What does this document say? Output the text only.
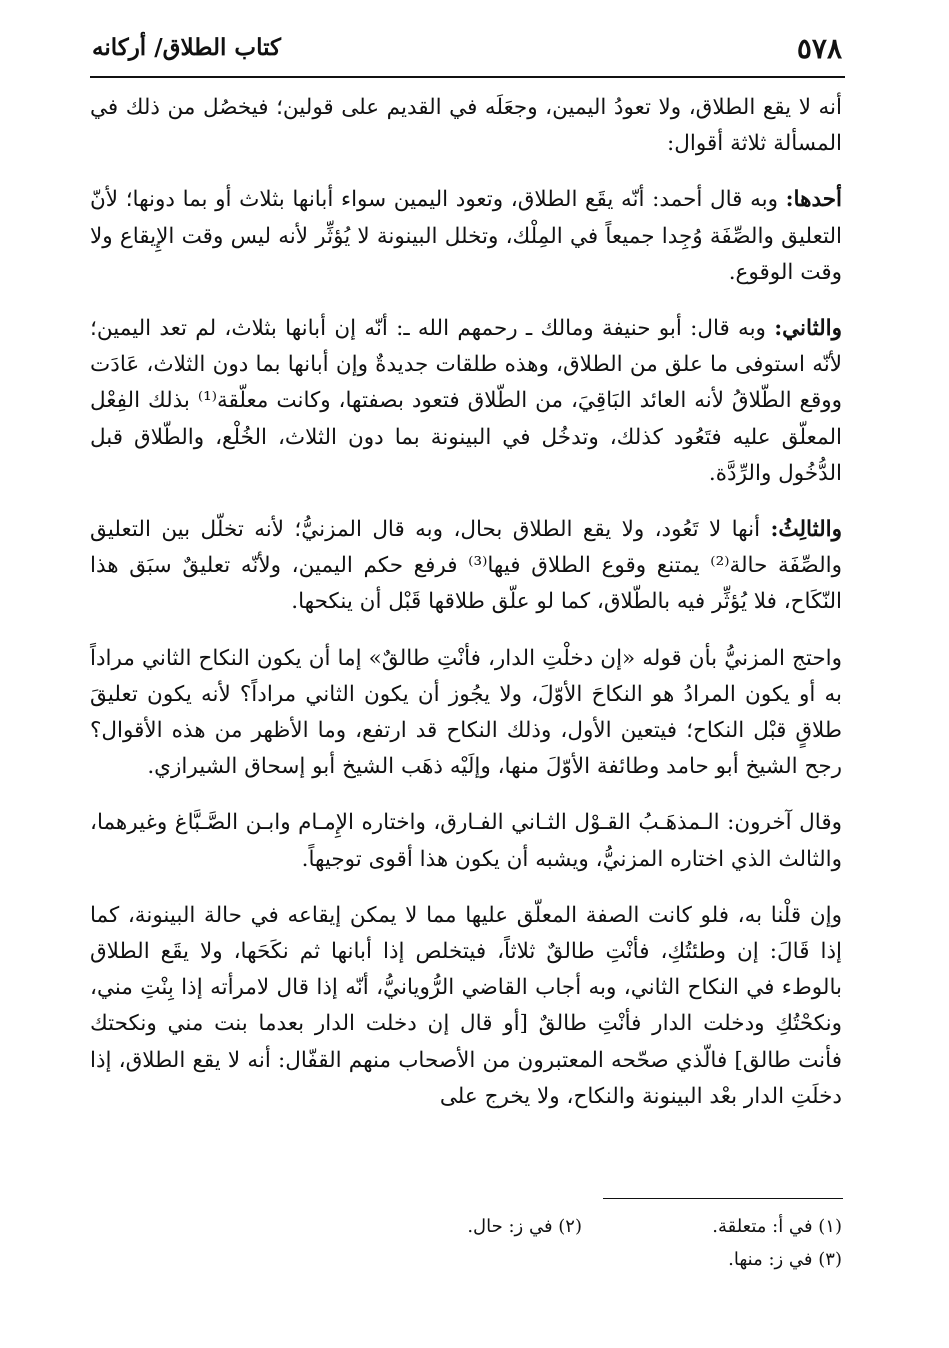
٥٧٨
كتاب الطلاق/ أركانه

أنه لا يقع الطلاق، ولا تعودُ اليمين، وجعَلَه في القديم على قولين؛ فيخصُل من ذلك في المسألة ثلاثة أقوال:

أحدها: وبه قال أحمد: أنّه يقَع الطلاق، وتعود اليمين سواء أبانها بثلاث أو بما دونها؛ لأنّ التعليق والصِّفَة وُجِدا جميعاً في المِلْك، وتخلل البينونة لا يُؤثِّر لأنه ليس وقت الإِيقاع ولا وقت الوقوع.

والثاني: وبه قال: أبو حنيفة ومالك ـ رحمهم الله ـ: أنّه إن أبانها بثلاث، لم تعد اليمين؛ لأنّه استوفى ما علق من الطلاق، وهذه طلقات جديدةٌ وإن أبانها بما دون الثلاث، عَادَت ووقع الطّلاقُ لأنه العائد البَاقِيَ، من الطّلاق فتعود بصفتها، وكانت معلّقة⁽¹⁾ بذلك الفِعْل المعلّق عليه فتَعُود كذلك، وتدخُل في البينونة بما دون الثلاث، الخُلْع، والطّلاق قبل الدُّخُول والرِّدَّة.

والثالِثُ: أنها لا تَعُود، ولا يقع الطلاق بحال، وبه قال المزنيُّ؛ لأنه تخلّل بين التعليق والصِّفَة حالة⁽²⁾ يمتنع وقوع الطلاق فيها⁽³⁾ فرفع حكم اليمين، ولأنّه تعليقٌ سبَق هذا النّكَاح، فلا يُؤثِّر فيه بالطّلاق، كما لو علّق طلاقها قَبْل أن ينكحها.

واحتج المزنيُّ بأن قوله «إن دخلْتِ الدار، فأنْتِ طالقٌ» إما أن يكون النكاح الثاني مراداً به أو يكون المرادُ هو النكاحَ الأوّلَ، ولا يجُوز أن يكون الثاني مراداً؟ لأنه يكون تعليقَ طلاقٍ قبْل النكاح؛ فيتعين الأول، وذلك النكاح قد ارتفع، وما الأظهر من هذه الأقوال؟ رجح الشيخ أبو حامد وطائفة الأوّلَ منها، وإلَيْه ذهَب الشيخ أبو إسحاق الشيرازي.

وقال آخرون: الـمذهَـبُ القـوْل الثـاني الفـارق، واختاره الإِمـام وابـن الصَّـبَّاغ وغيرهما، والثالث الذي اختاره المزنيُّ، ويشبه أن يكون هذا أقوى توجيهاً.

وإن قلْنا به، فلو كانت الصفة المعلّق عليها مما لا يمكن إيقاعه في حالة البينونة، كما إذا قَالَ: إن وطئتُكِ، فأنْتِ طالقٌ ثلاثاً، فيتخلص إذا أبانها ثم نكَحَها، ولا يقَع الطلاق بالوطء في النكاح الثاني، وبه أجاب القاضي الرُّويانيُّ، أنّه إذا قال لامرأته إذا بِنْتِ مني، ونكحْتُكِ ودخلت الدار فأنْتِ طالقٌ [أو قال إن دخلت الدار بعدما بنت مني ونكحتك فأنت طالق] فالّذي صحّحه المعتبرون من الأصحاب منهم القفّال: أنه لا يقع الطلاق، إذا دخلَتِ الدار بعْد البينونة والنكاح، ولا يخرج على

(١) في أ: متعلقة.
(٢) في ز: حال.
(٣) في ز: منها.
